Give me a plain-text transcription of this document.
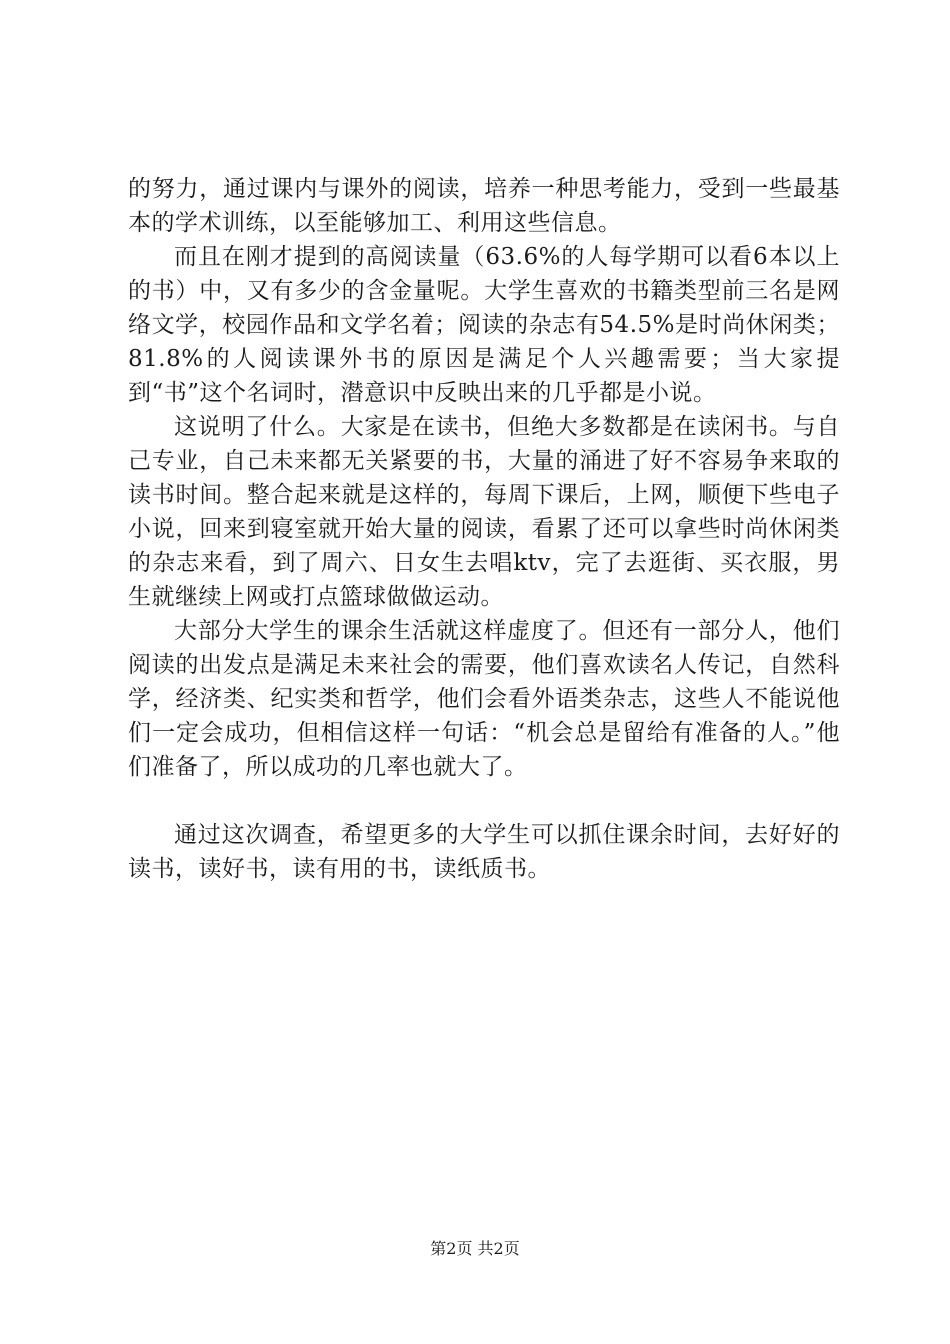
的努力，通过课内与课外的阅读，培养一种思考能力，受到一些最基本的学术训练，以至能够加工、利用这些信息。

而且在刚才提到的高阅读量（63.6%的人每学期可以看6本以上的书）中，又有多少的含金量呢。大学生喜欢的书籍类型前三名是网络文学，校园作品和文学名着；阅读的杂志有54.5%是时尚休闲类；81.8%的人阅读课外书的原因是满足个人兴趣需要；当大家提到“书”这个名词时，潜意识中反映出来的几乎都是小说。

这说明了什么。大家是在读书，但绝大多数都是在读闲书。与自己专业，自己未来都无关紧要的书，大量的涌进了好不容易争来取的读书时间。整合起来就是这样的，每周下课后，上网，顺便下些电子小说，回来到寝室就开始大量的阅读，看累了还可以拿些时尚休闲类的杂志来看，到了周六、日女生去唱ktv，完了去逛街、买衣服，男生就继续上网或打点篮球做做运动。

大部分大学生的课余生活就这样虚度了。但还有一部分人，他们阅读的出发点是满足未来社会的需要，他们喜欢读名人传记，自然科学，经济类、纪实类和哲学，他们会看外语类杂志，这些人不能说他们一定会成功，但相信这样一句话：“机会总是留给有准备的人。”他们准备了，所以成功的几率也就大了。

通过这次调查，希望更多的大学生可以抓住课余时间，去好好的读书，读好书，读有用的书，读纸质书。

第2页 共2页
